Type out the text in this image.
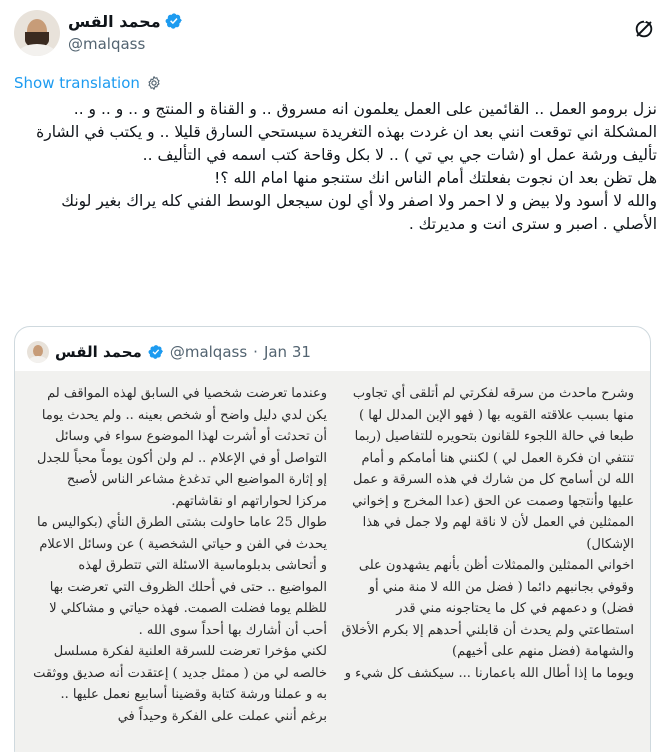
محمد القس
@malqass
Show translation

نزل برومو العمل .. القائمين على العمل يعلمون انه مسروق .. و القناة و المنتج و .. و .. و ..

المشكلة اني توقعت انني بعد ان غردت بهذه التغريدة سيستحي السارق قليلا .. و يكتب في الشارة تأليف ورشة عمل او (شات جي بي تي ) .. لا بكل وقاحة كتب اسمه في التأليف ..

هل تظن بعد ان نجوت بفعلتك أمام الناس انك ستنجو منها امام الله ؟!

والله لا أسود ولا بيض و لا احمر ولا اصفر ولا أي لون سيجعل الوسط الفني كله يراك بغير لونك الأصلي . اصبر و سترى انت و مديرتك .

محمد القس @malqass · Jan 31

وشرح ماحدث من سرقه لفكرتي لم أتلقى أي تجاوب منها بسبب علاقته القويه بها ( فهو الإبن المدلل لها )

طبعا في حالة اللجوء للقانون بتحويره للتفاصيل (ربما تنتفي ان فكرة العمل لي ) لكنني هنا أمامكم و أمام الله لن أسامح كل من شارك في هذه السرقة و عمل عليها وأنتجها وصمت عن الحق (عدا المخرج و إخواني الممثلين في العمل لأن لا ناقة لهم ولا جمل في هذا الإشكال)

اخواني الممثلين والممثلات أظن بأنهم يشهدون على وقوفي بجانبهم دائما ( فضل من الله لا منة مني أو فضل) و دعمهم في كل ما يحتاجونه مني قدر استطاعتي ولم يحدث أن قابلني أحدهم إلا بكرم الأخلاق والشهامة (فضل منهم على أخيهم)

ويوما ما إذا أطال الله باعمارنا ... سيكشف كل شيء و

وعندما تعرضت شخصيا في السابق لهذه المواقف لم يكن لدي دليل واضح أو شخص بعينه .. ولم يحدث يوما أن تحدثت أو أشرت لهذا الموضوع سواء في وسائل التواصل أو في الإعلام .. لم ولن أكون يوماً محباً للجدل إو إثارة المواضيع الي تدغدغ مشاعر الناس لأصبح مركزا لحواراتهم او نقاشاتهم.

طوال 25 عاما حاولت بشتى الطرق النأي (بكواليس ما يحدث في الفن و حياتي الشخصية ) عن وسائل الاعلام و أتحاشى بدبلوماسية الاسئلة التي تتطرق لهذه المواضيع .. حتى في أحلك الظروف التي تعرضت بها للظلم يوما فضلت الصمت. فهذه حياتي و مشاكلي لا أحب أن أشارك بها أحداً سوى الله .

لكني مؤخرا تعرضت للسرقة العلنية لفكرة مسلسل خالصه لي من ( ممثل جديد ) إعتقدت أنه صديق ووثقت به و عملنا ورشة كتابة وقضينا أسابيع نعمل عليها .. برغم أنني عملت على الفكرة وحيداً في
